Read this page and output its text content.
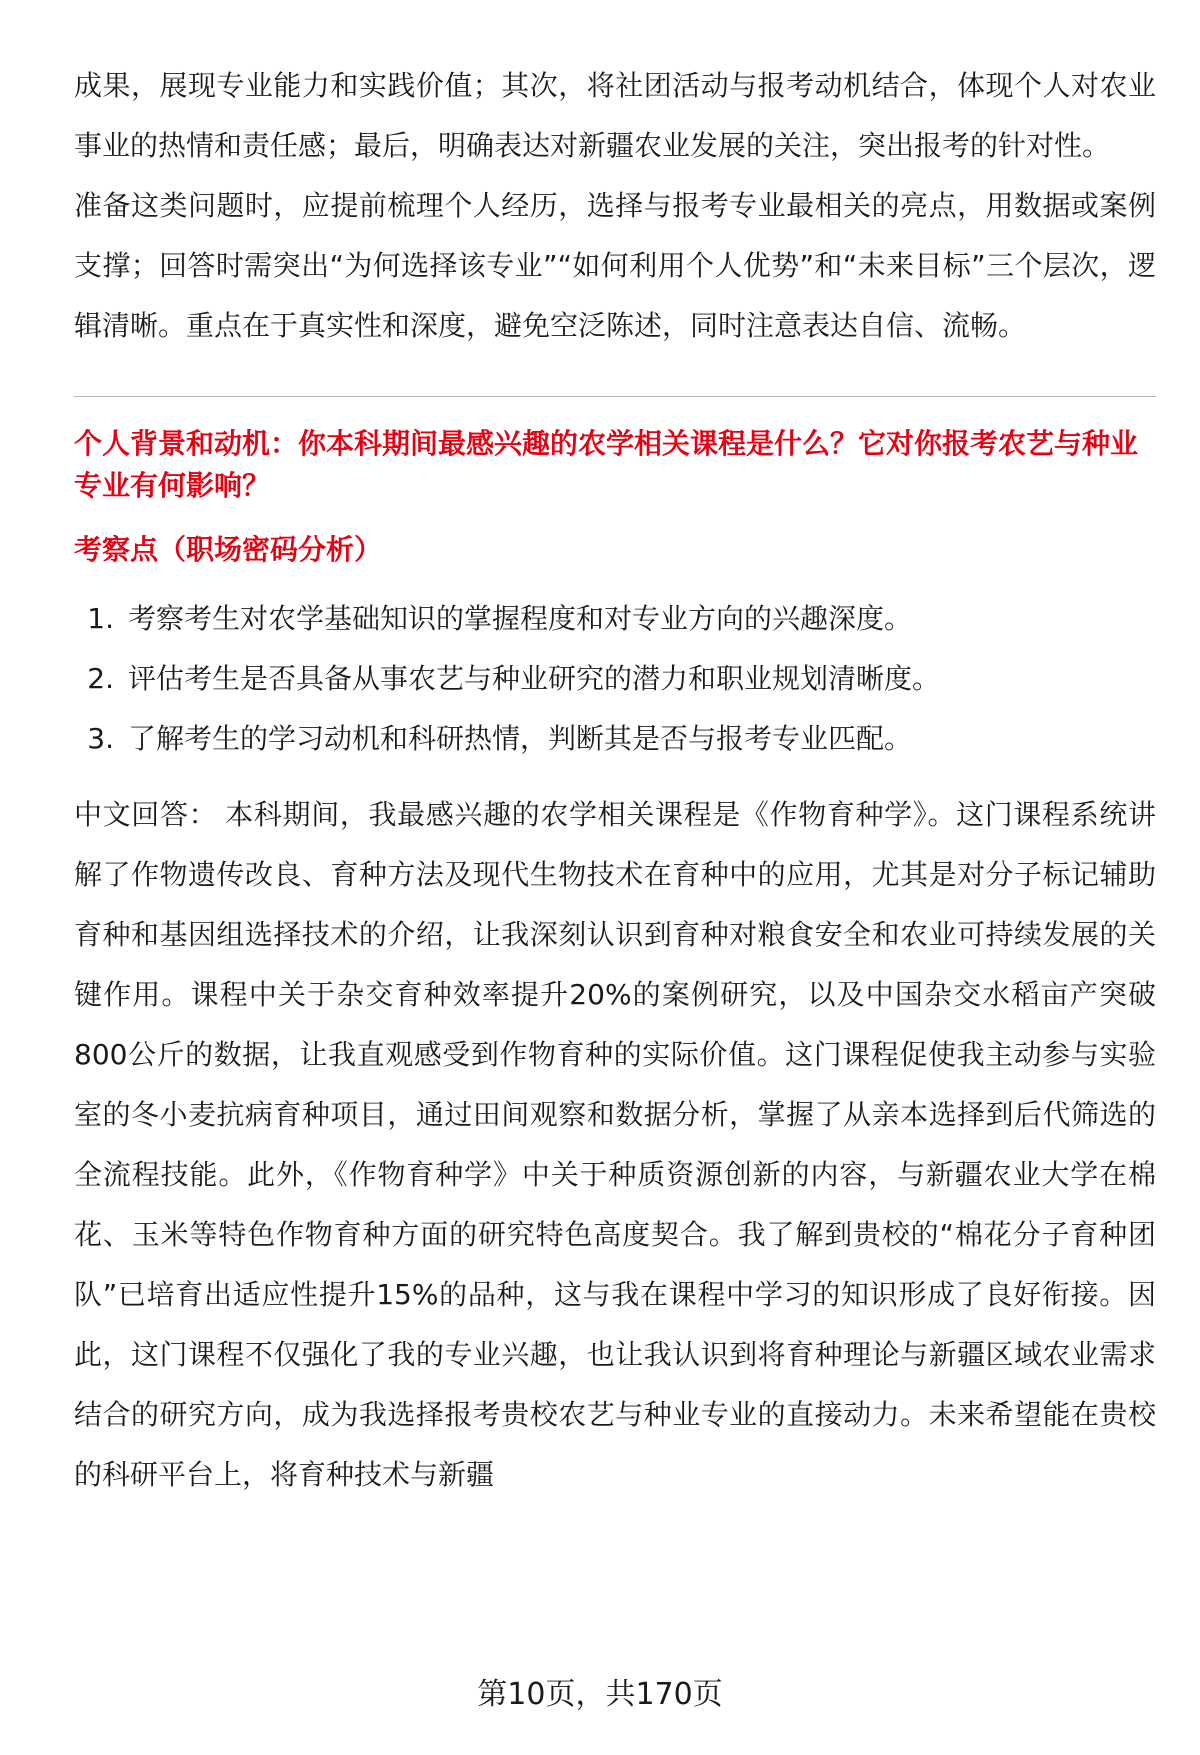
成果，展现专业能力和实践价值；其次，将社团活动与报考动机结合，体现个人对农业事业的热情和责任感；最后，明确表达对新疆农业发展的关注，突出报考的针对性。

准备这类问题时，应提前梳理个人经历，选择与报考专业最相关的亮点，用数据或案例支撑；回答时需突出“为何选择该专业”“如何利用个人优势”和“未来目标”三个层次，逻辑清晰。重点在于真实性和深度，避免空泛陈述，同时注意表达自信、流畅。

个人背景和动机：你本科期间最感兴趣的农学相关课程是什么？它对你报考农艺与种业专业有何影响？

考察点（职场密码分析）

1. 考察考生对农学基础知识的掌握程度和对专业方向的兴趣深度。
2. 评估考生是否具备从事农艺与种业研究的潜力和职业规划清晰度。
3. 了解考生的学习动机和科研热情，判断其是否与报考专业匹配。

中文回答： 本科期间，我最感兴趣的农学相关课程是《作物育种学》。这门课程系统讲解了作物遗传改良、育种方法及现代生物技术在育种中的应用，尤其是对分子标记辅助育种和基因组选择技术的介绍，让我深刻认识到育种对粮食安全和农业可持续发展的关键作用。课程中关于杂交育种效率提升20%的案例研究，以及中国杂交水稻亩产突破800公斤的数据，让我直观感受到作物育种的实际价值。这门课程促使我主动参与实验室的冬小麦抗病育种项目，通过田间观察和数据分析，掌握了从亲本选择到后代筛选的全流程技能。此外，《作物育种学》中关于种质资源创新的内容，与新疆农业大学在棉花、玉米等特色作物育种方面的研究特色高度契合。我了解到贵校的“棉花分子育种团队”已培育出适应性提升15%的品种，这与我在课程中学习的知识形成了良好衔接。因此，这门课程不仅强化了我的专业兴趣，也让我认识到将育种理论与新疆区域农业需求结合的研究方向，成为我选择报考贵校农艺与种业专业的直接动力。未来希望能在贵校的科研平台上，将育种技术与新疆

第10页，共170页
